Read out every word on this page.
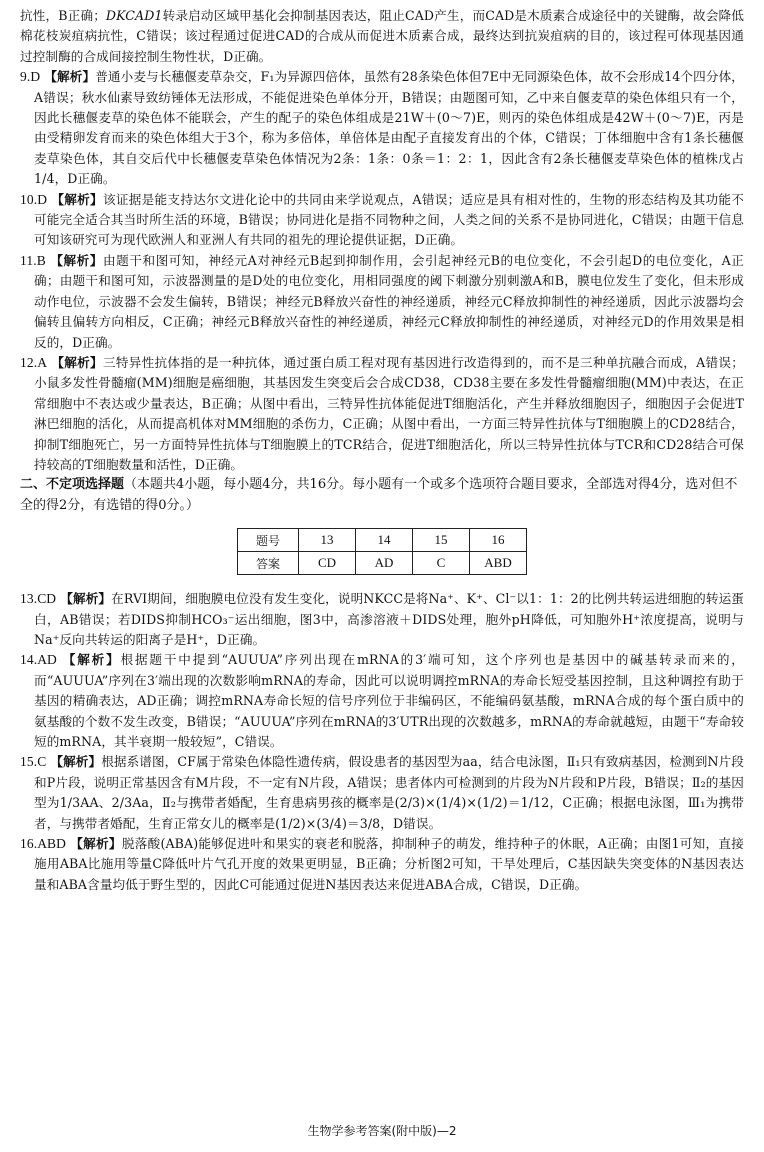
抗性，B正确；DKCAD1转录启动区域甲基化会抑制基因表达，阻止CAD产生，而CAD是木质素合成途径中的关键酶，故会降低棉花枝炭疽病抗性，C错误；该过程通过促进CAD的合成从而促进木质素合成，最终达到抗炭疽病的目的，该过程可体现基因通过控制酶的合成间接控制生物性状，D正确。

9.D 【解析】普通小麦与长穗偃麦草杂交，F₁为异源四倍体，虽然有28条染色体但7E中无同源染色体，故不会形成14个四分体，A错误；秋水仙素导致纺锤体无法形成，不能促进染色单体分开，B错误；由题图可知，乙中来自偃麦草的染色体组只有一个，因此长穗偃麦草的染色体不能联会，产生的配子的染色体组成是21W＋(0～7)E，则丙的染色体组成是42W＋(0～7)E，丙是由受精卵发育而来的染色体组大于3个，称为多倍体，单倍体是由配子直接发育出的个体，C错误；丁体细胞中含有1条长穗偃麦草染色体，其自交后代中长穗偃麦草染色体情况为2条：1条：0条＝1：2：1，因此含有2条长穗偃麦草染色体的植株戊占1/4，D正确。

10.D 【解析】该证据是能支持达尔文进化论中的共同由来学说观点，A错误；适应是具有相对性的，生物的形态结构及其功能不可能完全适合其当时所生活的环境，B错误；协同进化是指不同物种之间，人类之间的关系不是协同进化，C错误；由题干信息可知该研究可为现代欧洲人和亚洲人有共同的祖先的理论提供证据，D正确。

11.B 【解析】由题干和图可知，神经元A对神经元B起到抑制作用，会引起神经元B的电位变化，不会引起D的电位变化，A正确；由题干和图可知，示波器测量的是D处的电位变化，用相同强度的阈下刺激分别刺激A和B，膜电位发生了变化，但未形成动作电位，示波器不会发生偏转，B错误；神经元B释放兴奋性的神经递质，神经元C释放抑制性的神经递质，因此示波器均会偏转且偏转方向相反，C正确；神经元B释放兴奋性的神经递质，神经元C释放抑制性的神经递质，对神经元D的作用效果是相反的，D正确。

12.A 【解析】三特异性抗体指的是一种抗体，通过蛋白质工程对现有基因进行改造得到的，而不是三种单抗融合而成，A错误；小鼠多发性骨髓瘤(MM)细胞是癌细胞，其基因发生突变后会合成CD38，CD38主要在多发性骨髓瘤细胞(MM)中表达，在正常细胞中不表达或少量表达，B正确；从图中看出，三特异性抗体能促进T细胞活化，产生并释放细胞因子，细胞因子会促进T淋巴细胞的活化，从而提高机体对MM细胞的杀伤力，C正确；从图中看出，一方面三特异性抗体与T细胞膜上的CD28结合，抑制T细胞死亡，另一方面特异性抗体与T细胞膜上的TCR结合，促进T细胞活化，所以三特异性抗体与TCR和CD28结合可保持较高的T细胞数量和活性，D正确。

二、不定项选择题（本题共4小题，每小题4分，共16分。每小题有一个或多个选项符合题目要求，全部选对得4分，选对但不全的得2分，有选错的得0分。）

题号	13	14	15	16
答案	CD	AD	C	ABD

13.CD 【解析】在RVI期间，细胞膜电位没有发生变化，说明NKCC是将Na⁺、K⁺、Cl⁻以1：1：2的比例共转运进细胞的转运蛋白，AB错误；若DIDS抑制HCO₃⁻运出细胞，图3中，高渗溶液＋DIDS处理，胞外pH降低，可知胞外H⁺浓度提高，说明与Na⁺反向共转运的阳离子是H⁺，D正确。

14.AD 【解析】根据题干中提到“AUUUA”序列出现在mRNA的3′端可知，这个序列也是基因中的碱基转录而来的，而“AUUUA”序列在3′端出现的次数影响mRNA的寿命，因此可以说明调控mRNA的寿命长短受基因控制，且这种调控有助于基因的精确表达，AD正确；调控mRNA寿命长短的信号序列位于非编码区，不能编码氨基酸，mRNA合成的每个蛋白质中的氨基酸的个数不发生改变，B错误；“AUUUA”序列在mRNA的3′UTR出现的次数越多，mRNA的寿命就越短，由题干“寿命较短的mRNA，其半衰期一般较短”，C错误。

15.C 【解析】根据系谱图，CF属于常染色体隐性遗传病，假设患者的基因型为aa，结合电泳图，Ⅱ₁只有致病基因，检测到N片段和P片段，说明正常基因含有M片段，不一定有N片段，A错误；患者体内可检测到的片段为N片段和P片段，B错误；Ⅱ₂的基因型为1/3AA、2/3Aa，Ⅱ₂与携带者婚配，生育患病男孩的概率是(2/3)×(1/4)×(1/2)＝1/12，C正确；根据电泳图，Ⅲ₁为携带者，与携带者婚配，生育正常女儿的概率是(1/2)×(3/4)＝3/8，D错误。

16.ABD 【解析】脱落酸(ABA)能够促进叶和果实的衰老和脱落，抑制种子的萌发，维持种子的休眠，A正确；由图1可知，直接施用ABA比施用等量C降低叶片气孔开度的效果更明显，B正确；分析图2可知，干旱处理后，C基因缺失突变体的N基因表达量和ABA含量均低于野生型的，因此C可能通过促进N基因表达来促进ABA合成，C错误，D正确。

生物学参考答案(附中版)—2
